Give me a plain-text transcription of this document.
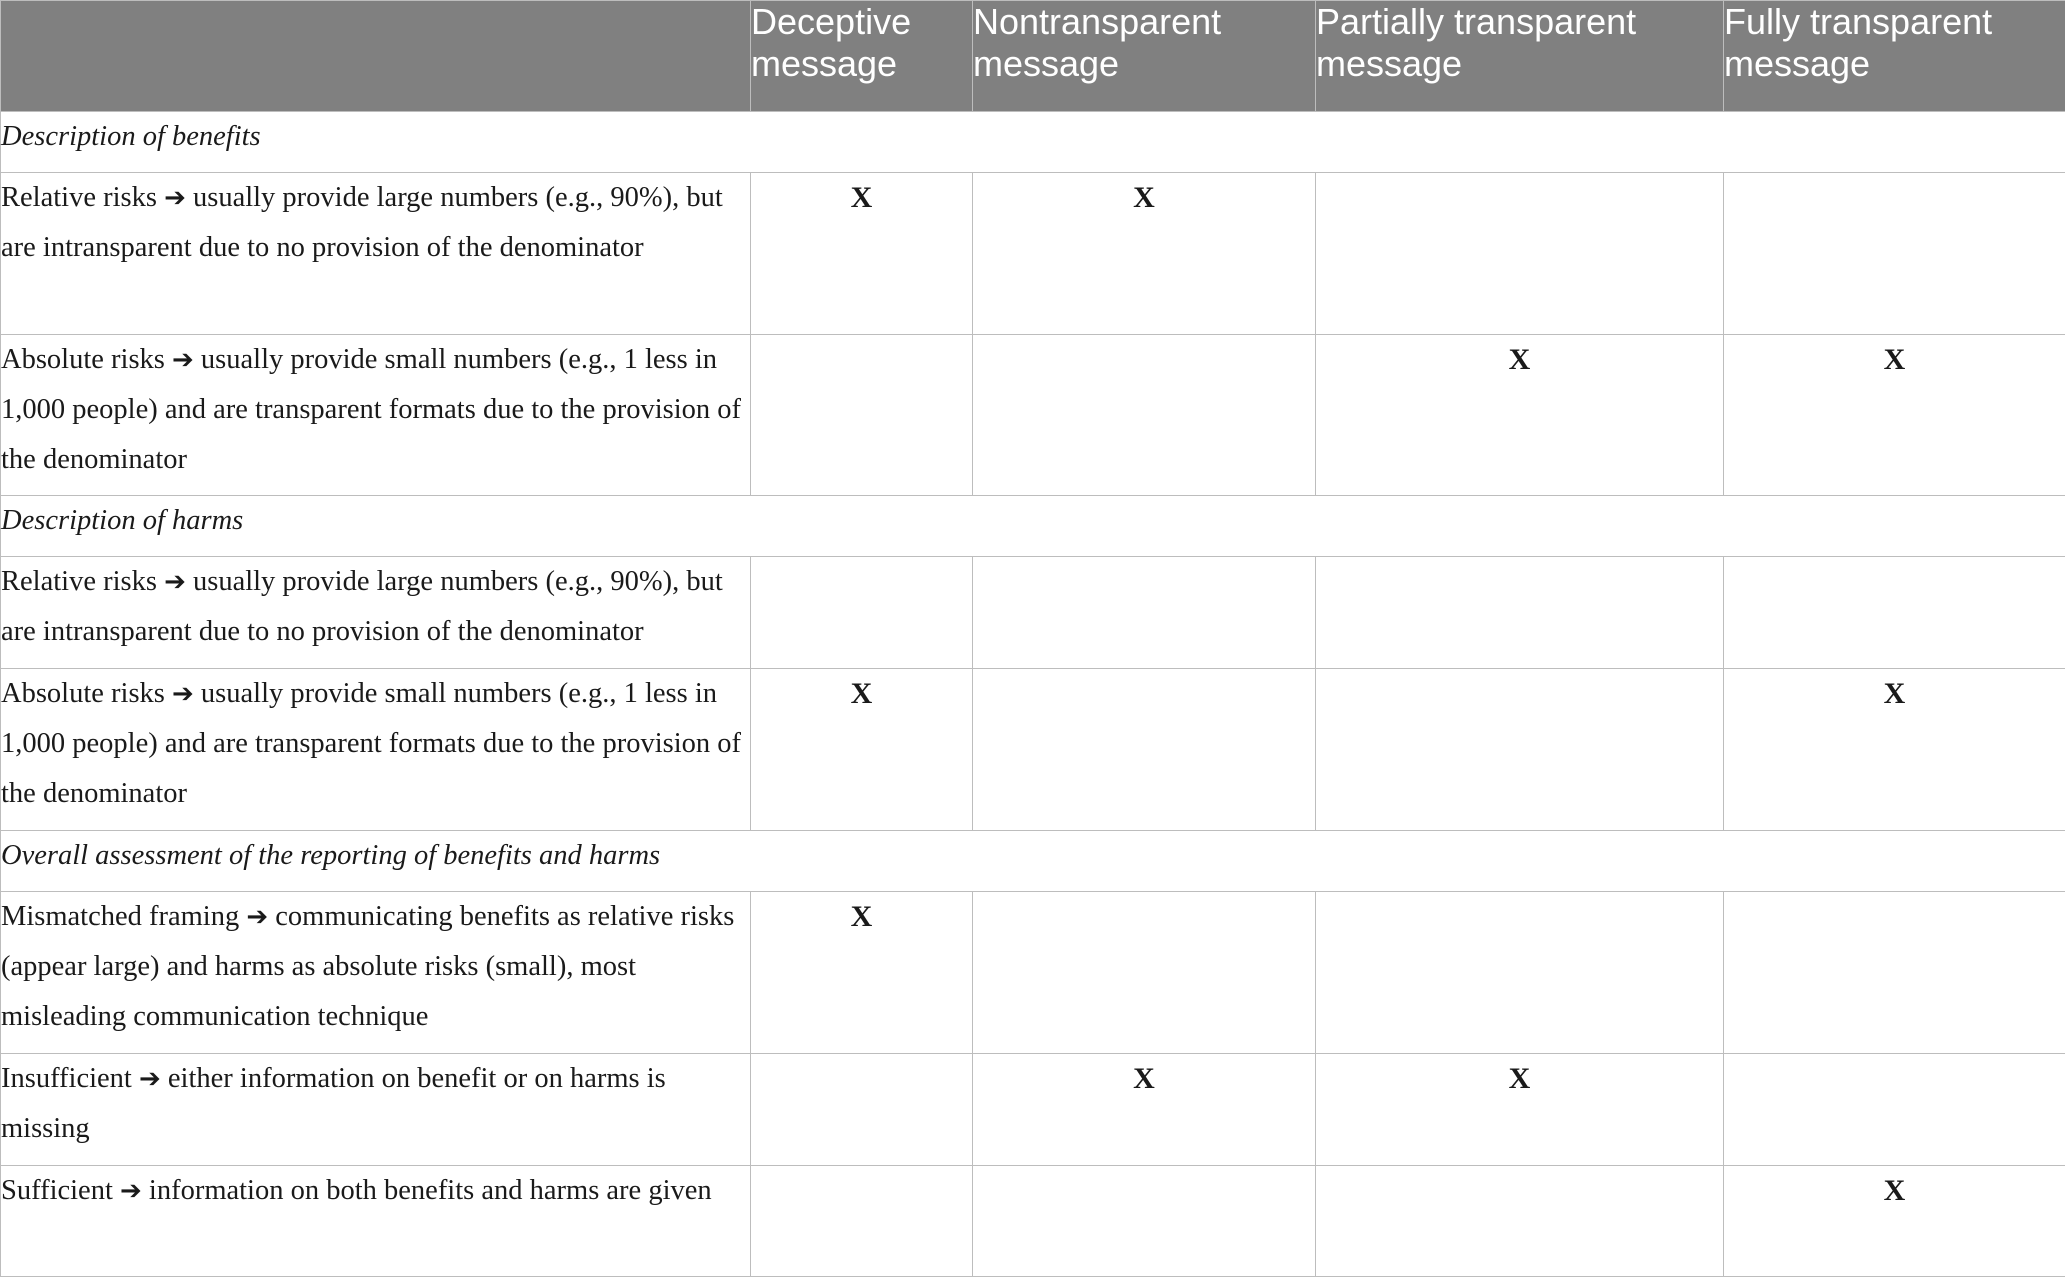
	Deceptive message	Nontransparent message	Partially transparent message	Fully transparent message
Description of benefits				
Relative risks ➔ usually provide large numbers (e.g., 90%), but are intransparent due to no provision of the denominator	X	X		
Absolute risks ➔ usually provide small numbers (e.g., 1 less in 1,000 people) and are transparent formats due to the provision of the denominator			X	X
Description of harms				
Relative risks ➔ usually provide large numbers (e.g., 90%), but are intransparent due to no provision of the denominator				
Absolute risks ➔ usually provide small numbers (e.g., 1 less in 1,000 people) and are transparent formats due to the provision of the denominator	X			X
Overall assessment of the reporting of benefits and harms				
Mismatched framing ➔ communicating benefits as relative risks (appear large) and harms as absolute risks (small), most misleading communication technique	X			
Insufficient ➔ either information on benefit or on harms is missing		X	X	
Sufficient ➔ information on both benefits and harms are given				X
